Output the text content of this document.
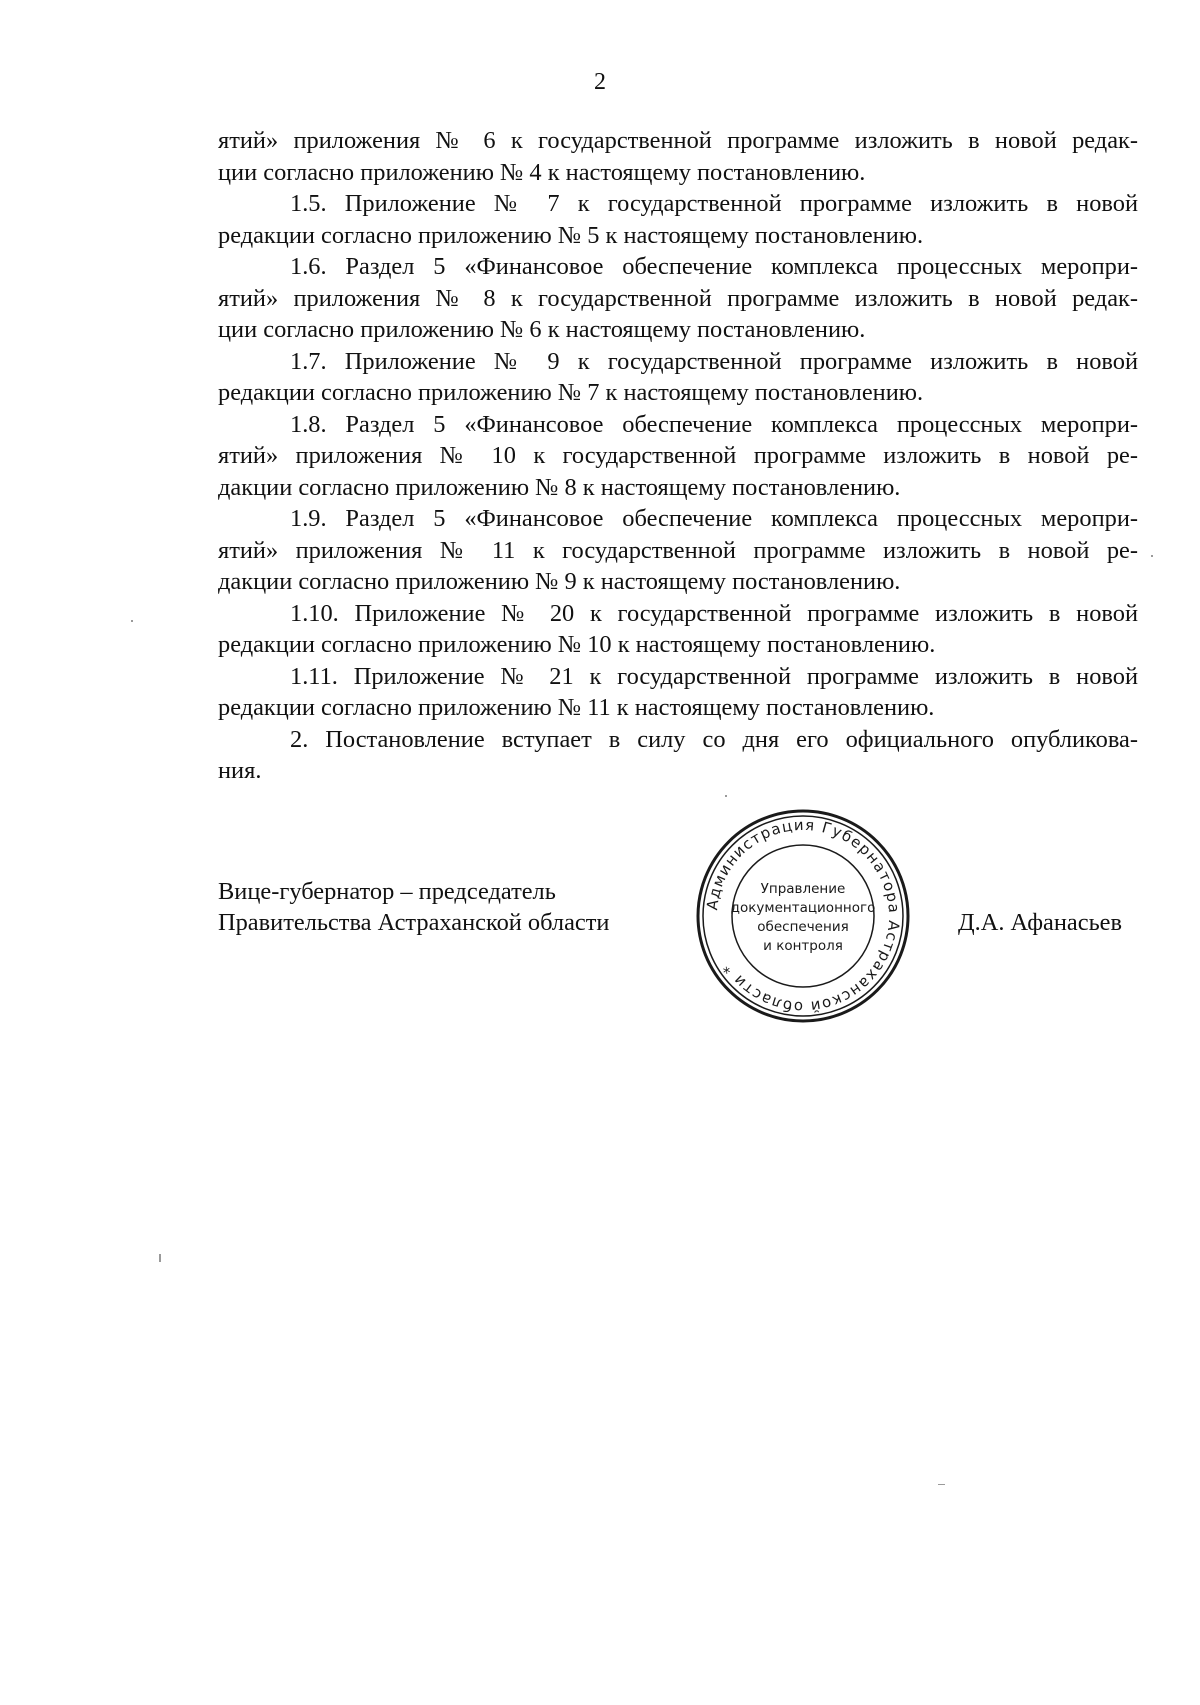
2
ятий» приложения № 6 к государственной программе изложить в новой редак-
ции согласно приложению № 4 к настоящему постановлению.
1.5. Приложение № 7 к государственной программе изложить в новой
редакции согласно приложению № 5 к настоящему постановлению.
1.6. Раздел 5 «Финансовое обеспечение комплекса процессных меропри-
ятий» приложения № 8 к государственной программе изложить в новой редак-
ции согласно приложению № 6 к настоящему постановлению.
1.7. Приложение № 9 к государственной программе изложить в новой
редакции согласно приложению № 7 к настоящему постановлению.
1.8. Раздел 5 «Финансовое обеспечение комплекса процессных меропри-
ятий» приложения № 10 к государственной программе изложить в новой ре-
дакции согласно приложению № 8 к настоящему постановлению.
1.9. Раздел 5 «Финансовое обеспечение комплекса процессных меропри-
ятий» приложения № 11 к государственной программе изложить в новой ре-
дакции согласно приложению № 9 к настоящему постановлению.
1.10. Приложение № 20 к государственной программе изложить в новой
редакции согласно приложению № 10 к настоящему постановлению.
1.11. Приложение № 21 к государственной программе изложить в новой
редакции согласно приложению № 11 к настоящему постановлению.
2. Постановление вступает в силу со дня его официального опубликова-
ния.
Вице-губернатор – председатель
Правительства Астраханской области
Администрация Губернатора Астраханской области *
Управление
документационного
обеспечения
и контроля
Д.А. Афанасьев
